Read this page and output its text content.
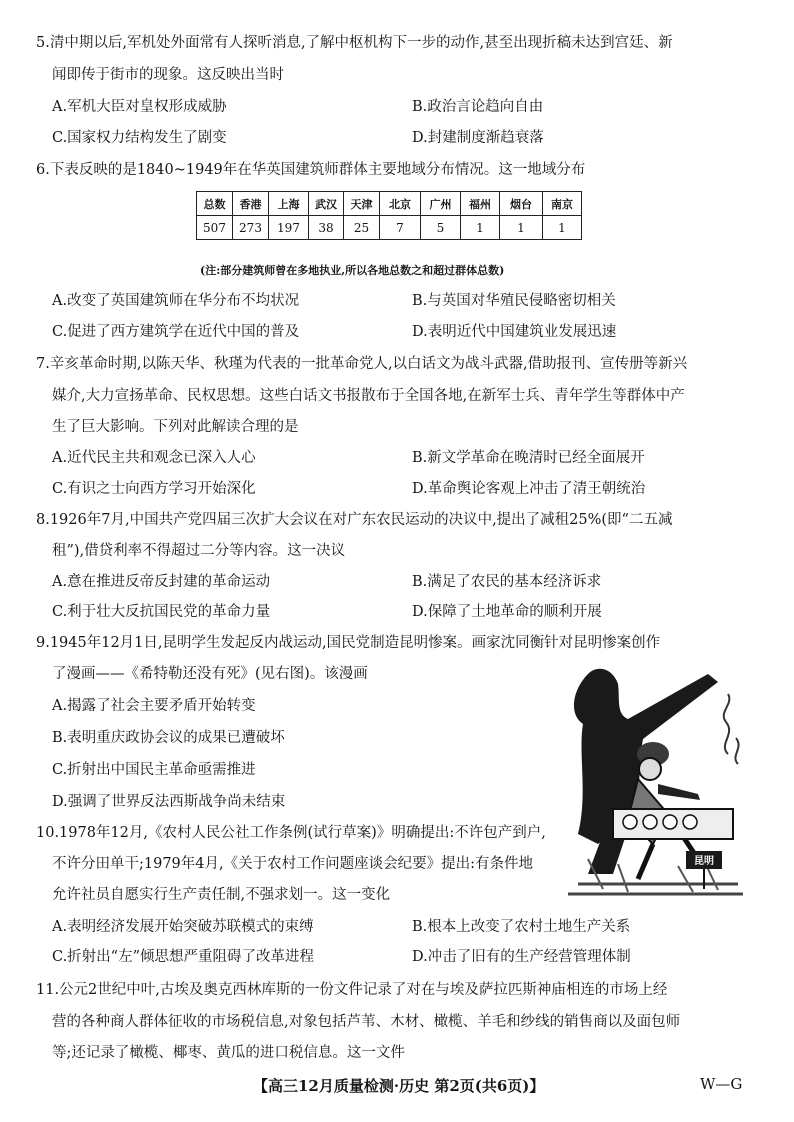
5.清中期以后,军机处外面常有人探听消息,了解中枢机构下一步的动作,甚至出现折稿未达到宫廷、新
闻即传于街市的现象。这反映出当时
A.军机大臣对皇权形成威胁	B.政治言论趋向自由
C.国家权力结构发生了剧变	D.封建制度渐趋衰落
6.下表反映的是1840~1949年在华英国建筑师群体主要地域分布情况。这一地域分布
总数	香港	上海	武汉	天津	北京	广州	福州	烟台	南京
507	273	197	38	25	7	5	1	1	1
(注:部分建筑师曾在多地执业,所以各地总数之和超过群体总数)
A.改变了英国建筑师在华分布不均状况	B.与英国对华殖民侵略密切相关
C.促进了西方建筑学在近代中国的普及	D.表明近代中国建筑业发展迅速
7.辛亥革命时期,以陈天华、秋瑾为代表的一批革命党人,以白话文为战斗武器,借助报刊、宣传册等新兴
媒介,大力宣扬革命、民权思想。这些白话文书报散布于全国各地,在新军士兵、青年学生等群体中产
生了巨大影响。下列对此解读合理的是
A.近代民主共和观念已深入人心	B.新文学革命在晚清时已经全面展开
C.有识之士向西方学习开始深化	D.革命舆论客观上冲击了清王朝统治
8.1926年7月,中国共产党四届三次扩大会议在对广东农民运动的决议中,提出了减租25%(即“二五减
租”),借贷利率不得超过二分等内容。这一决议
A.意在推进反帝反封建的革命运动	B.满足了农民的基本经济诉求
C.利于壮大反抗国民党的革命力量	D.保障了土地革命的顺利开展
9.1945年12月1日,昆明学生发起反内战运动,国民党制造昆明惨案。画家沈同衡针对昆明惨案创作
了漫画——《希特勒还没有死》(见右图)。该漫画
A.揭露了社会主要矛盾开始转变
B.表明重庆政协会议的成果已遭破坏
C.折射出中国民主革命亟需推进
D.强调了世界反法西斯战争尚未结束
昆明
10.1978年12月,《农村人民公社工作条例(试行草案)》明确提出:不许包产到户,
不许分田单干;1979年4月,《关于农村工作问题座谈会纪要》提出:有条件地
允许社员自愿实行生产责任制,不强求划一。这一变化
A.表明经济发展开始突破苏联模式的束缚	B.根本上改变了农村土地生产关系
C.折射出“左”倾思想严重阻碍了改革进程	D.冲击了旧有的生产经营管理体制
11.公元2世纪中叶,古埃及奥克西林库斯的一份文件记录了对在与埃及萨拉匹斯神庙相连的市场上经
营的各种商人群体征收的市场税信息,对象包括芦苇、木材、橄榄、羊毛和纱线的销售商以及面包师
等;还记录了橄榄、椰枣、黄瓜的进口税信息。这一文件
【高三12月质量检测·历史 第2页(共6页)】	W—G
